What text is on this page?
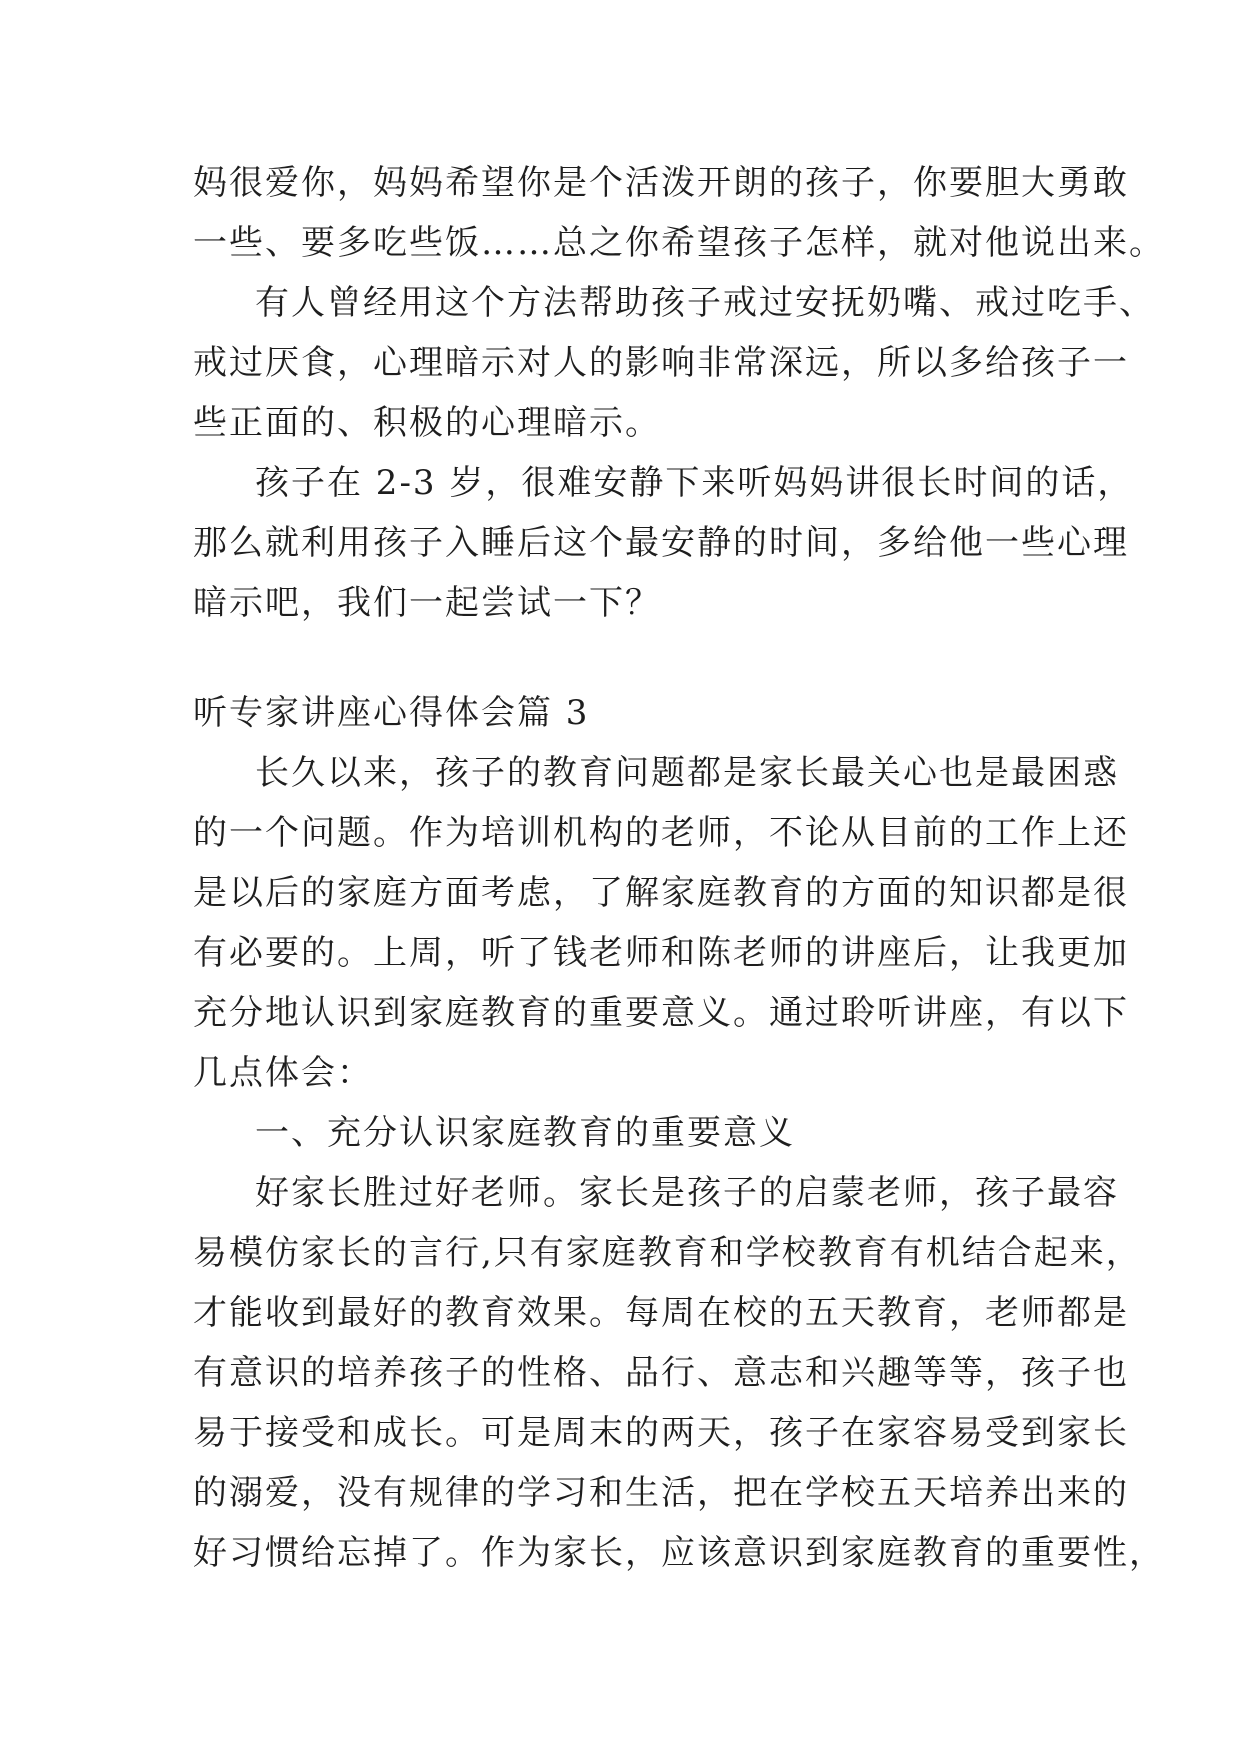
妈很爱你，妈妈希望你是个活泼开朗的孩子，你要胆大勇敢
一些、要多吃些饭……总之你希望孩子怎样，就对他说出来。
有人曾经用这个方法帮助孩子戒过安抚奶嘴、戒过吃手、
戒过厌食，心理暗示对人的影响非常深远，所以多给孩子一
些正面的、积极的心理暗示。
孩子在 2-3 岁，很难安静下来听妈妈讲很长时间的话，
那么就利用孩子入睡后这个最安静的时间，多给他一些心理
暗示吧，我们一起尝试一下？
听专家讲座心得体会篇 3
长久以来，孩子的教育问题都是家长最关心也是最困惑
的一个问题。作为培训机构的老师，不论从目前的工作上还
是以后的家庭方面考虑，了解家庭教育的方面的知识都是很
有必要的。上周，听了钱老师和陈老师的讲座后，让我更加
充分地认识到家庭教育的重要意义。通过聆听讲座，有以下
几点体会：
一、充分认识家庭教育的重要意义
好家长胜过好老师。家长是孩子的启蒙老师，孩子最容
易模仿家长的言行,只有家庭教育和学校教育有机结合起来，
才能收到最好的教育效果。每周在校的五天教育，老师都是
有意识的培养孩子的性格、品行、意志和兴趣等等，孩子也
易于接受和成长。可是周末的两天，孩子在家容易受到家长
的溺爱，没有规律的学习和生活，把在学校五天培养出来的
好习惯给忘掉了。作为家长，应该意识到家庭教育的重要性，
